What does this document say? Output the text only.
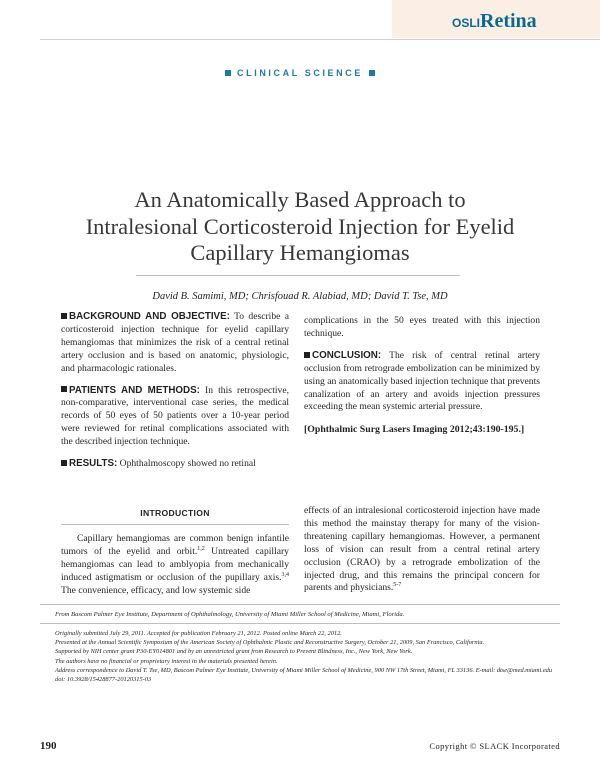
OSLIRetina
CLINICAL SCIENCE
An Anatomically Based Approach to
Intralesional Corticosteroid Injection for Eyelid
Capillary Hemangiomas
David B. Samimi, MD; Chrisfouad R. Alabiad, MD; David T. Tse, MD

BACKGROUND AND OBJECTIVE: To describe a corticosteroid injection technique for eyelid capillary hemangiomas that minimizes the risk of a central retinal artery occlusion and is based on anatomic, physiologic, and pharmacologic rationales.

PATIENTS AND METHODS: In this retrospective, non-comparative, interventional case series, the medical records of 50 eyes of 50 patients over a 10-year period were reviewed for retinal complications associated with the described injection technique.

RESULTS: Ophthalmoscopy showed no retinal

complications in the 50 eyes treated with this injection technique.

CONCLUSION: The risk of central retinal artery occlusion from retrograde embolization can be minimized by using an anatomically based injection technique that prevents canalization of an artery and avoids injection pressures exceeding the mean systemic arterial pressure.

[Ophthalmic Surg Lasers Imaging 2012;43:190-195.]
INTRODUCTION
Capillary hemangiomas are common benign infantile tumors of the eyelid and orbit.$^{1,2}$ Untreated capillary hemangiomas can lead to amblyopia from mechanically induced astigmatism or occlusion of the pupillary axis.$^{3,4}$ The convenience, efficacy, and low systemic side
effects of an intralesional corticosteroid injection have made this method the mainstay therapy for many of the vision-threatening capillary hemangiomas. However, a permanent loss of vision can result from a central retinal artery occlusion (CRAO) by a retrograde embolization of the injected drug, and this remains the principal concern for parents and physicians.$^{5-7}$
From Bascom Palmer Eye Institute, Department of Ophthalmology, University of Miami Miller School of Medicine, Miami, Florida.
Originally submitted July 29, 2011. Accepted for publication February 21, 2012. Posted online March 22, 2012.
Presented at the Annual Scientific Symposium of the American Society of Ophthalmic Plastic and Reconstructive Surgery, October 21, 2009, San Francisco, California.
Supported by NIH center grant P30-EY014801 and by an unrestricted grant from Research to Prevent Blindness, Inc., New York, New York.
The authors have no financial or proprietary interest in the materials presented herein.
Address correspondence to David T. Tse, MD, Bascom Palmer Eye Institute, University of Miami Miller School of Medicine, 900 NW 17th Street, Miami, FL 33136. E-mail: dtse@med.miami.edu
doi: 10.3928/15428877-20120315-03
190	Copyright © SLACK Incorporated
